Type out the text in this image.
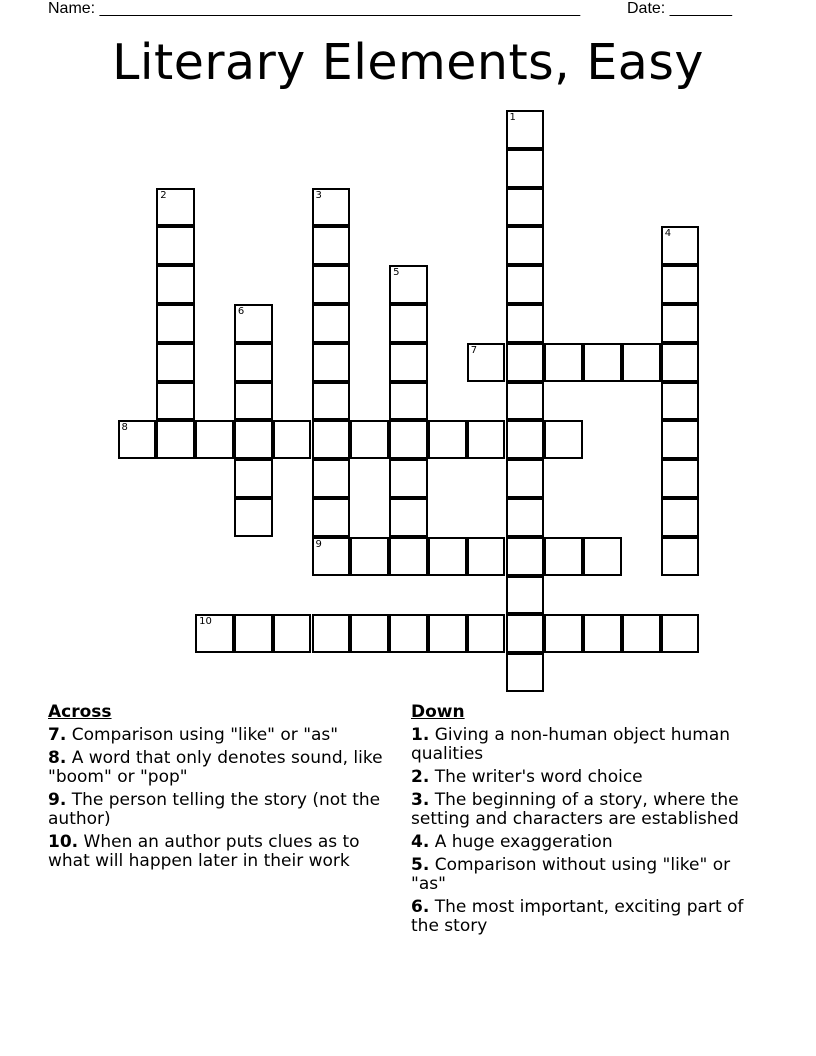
Name: ______________________________________________________	Date: _______
Literary Elements, Easy
1
2	3
4
5
6
7
8
9
10
Across
7. Comparison using "like" or "as"
8. A word that only denotes sound, like "boom" or "pop"
9. The person telling the story (not the author)
10. When an author puts clues as to what will happen later in their work
Down
1. Giving a non-human object human qualities
2. The writer's word choice
3. The beginning of a story, where the setting and characters are established
4. A huge exaggeration
5. Comparison without using "like" or "as"
6. The most important, exciting part of the story
